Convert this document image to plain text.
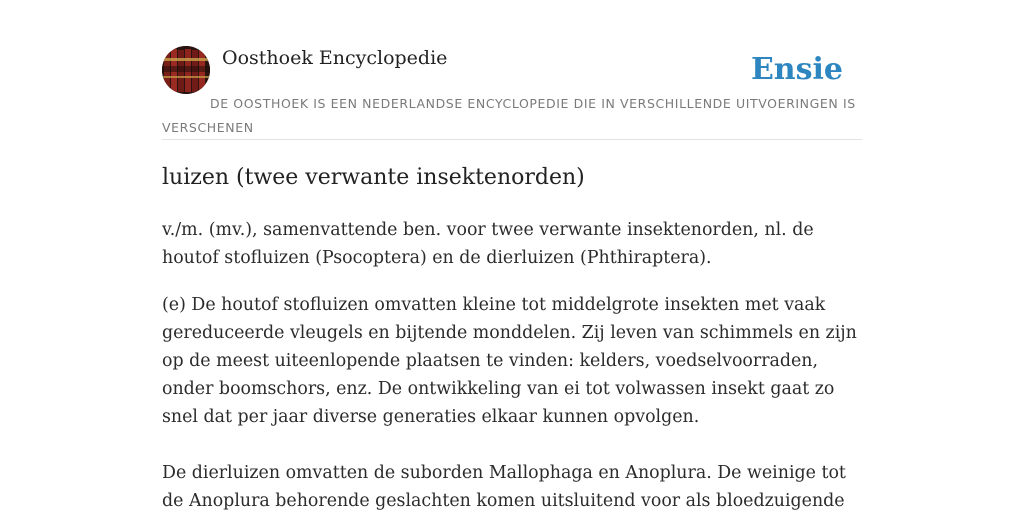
Oosthoek Encyclopedie	Ensie
DE OOSTHOEK IS EEN NEDERLANDSE ENCYCLOPEDIE DIE IN VERSCHILLENDE UITVOERINGEN IS VERSCHENEN
luizen (twee verwante insektenorden)

v./m. (mv.), samenvattende ben. voor twee verwante insektenorden, nl. de houtof stofluizen (Psocoptera) en de dierluizen (Phthiraptera).

(e) De houtof stofluizen omvatten kleine tot middelgrote insekten met vaak gereduceerde vleugels en bijtende monddelen. Zij leven van schimmels en zijn op de meest uiteenlopende plaatsen te vinden: kelders, voedselvoorraden, onder boomschors, enz. De ontwikkeling van ei tot volwassen insekt gaat zo snel dat per jaar diverse generaties elkaar kunnen opvolgen.

De dierluizen omvatten de suborden Mallophaga en Anoplura. De weinige tot de Anoplura behorende geslachten komen uitsluitend voor als bloedzuigende
